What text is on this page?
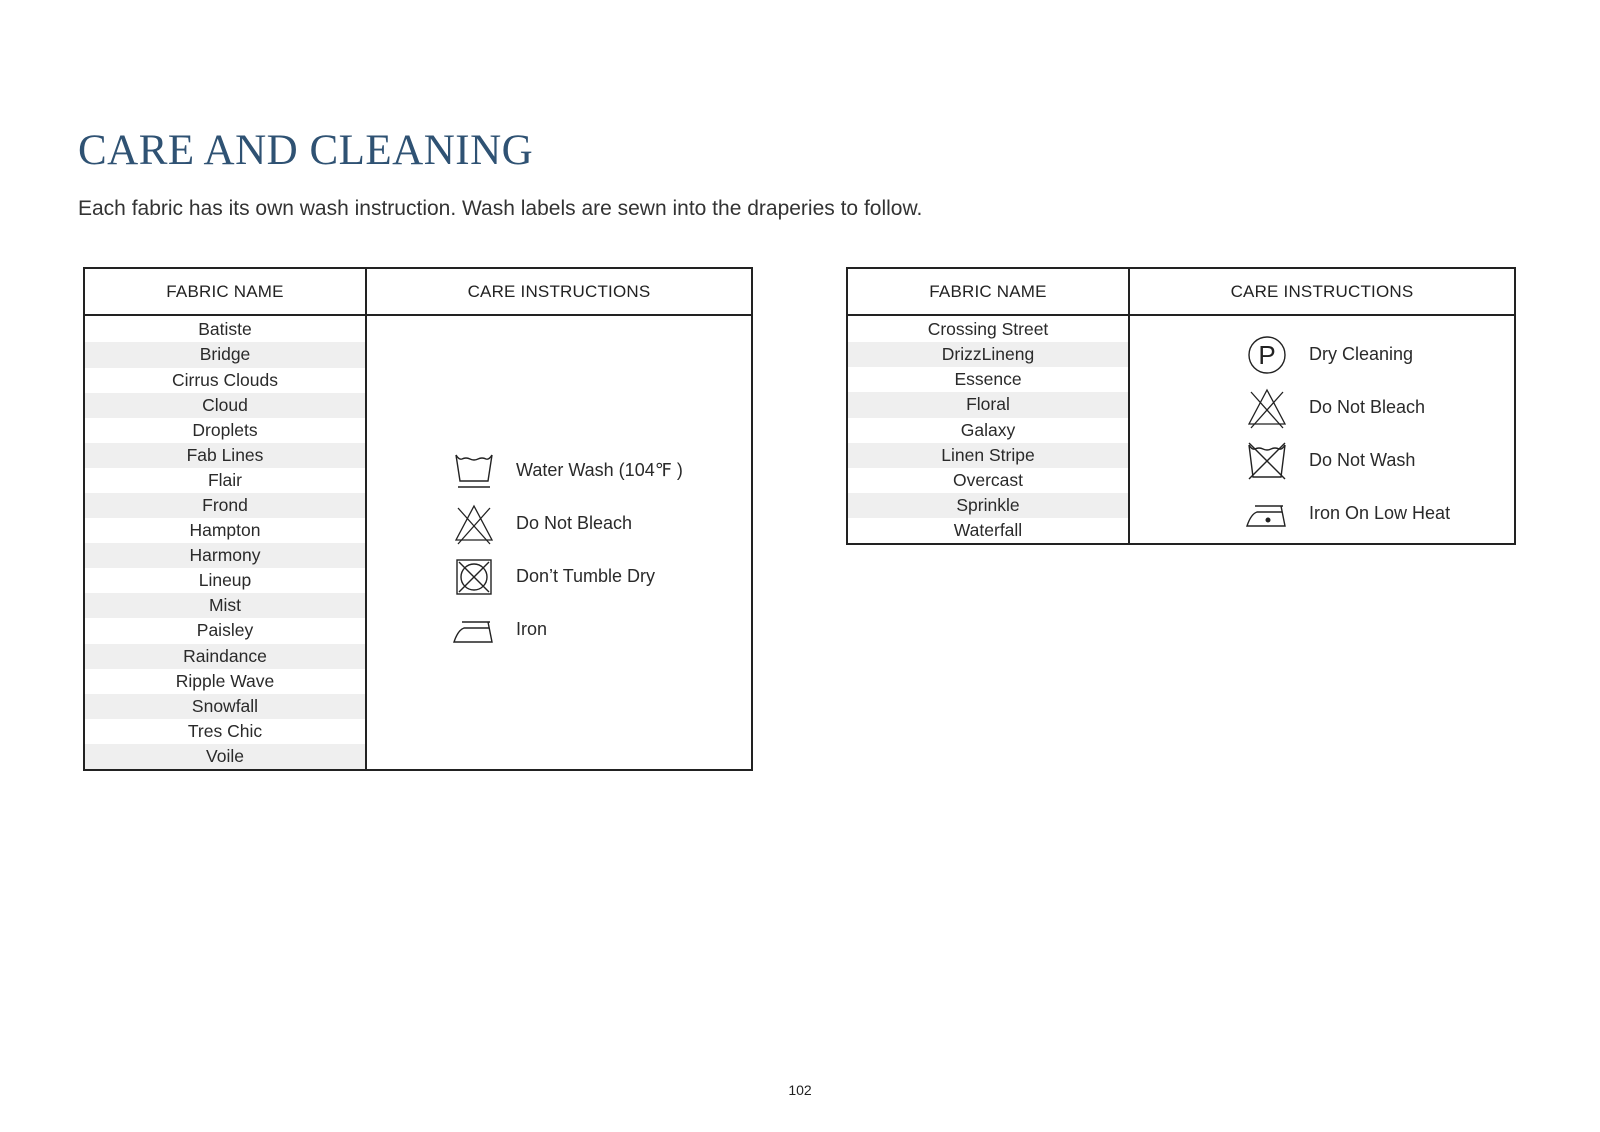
CARE AND CLEANING

Each fabric has its own wash instruction. Wash labels are sewn into the draperies to follow.

FABRIC NAME	CARE INSTRUCTIONS
Batiste
Bridge
Cirrus Clouds
Cloud
Droplets
Fab Lines
Flair
Frond
Hampton
Harmony
Lineup
Mist
Paisley
Raindance
Ripple Wave
Snowfall
Tres Chic
Voile
Water Wash (104℉ )
Do Not Bleach
Don’t Tumble Dry
Iron
FABRIC NAME	CARE INSTRUCTIONS
Crossing Street
DrizzLineng
Essence
Floral
Galaxy
Linen Stripe
Overcast
Sprinkle
Waterfall
P Dry Cleaning
Do Not Bleach
Do Not Wash
Iron On Low Heat
102
